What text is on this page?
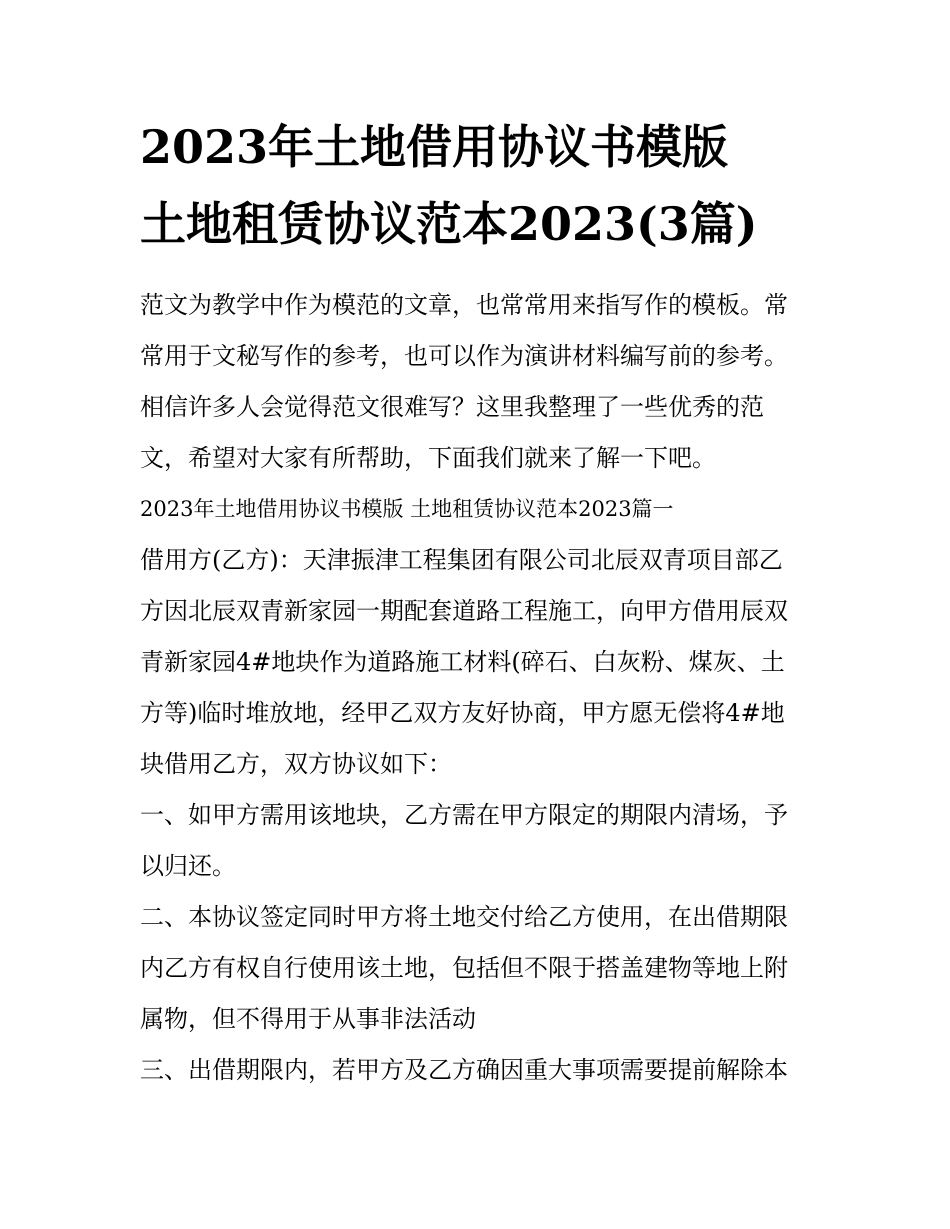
2023年土地借用协议书模版
土地租赁协议范本2023(3篇)
范文为教学中作为模范的文章，也常常用来指写作的模板。常
常用于文秘写作的参考，也可以作为演讲材料编写前的参考。
相信许多人会觉得范文很难写？这里我整理了一些优秀的范
文，希望对大家有所帮助，下面我们就来了解一下吧。
2023年土地借用协议书模版 土地租赁协议范本2023篇一
借用方(乙方)：天津振津工程集团有限公司北辰双青项目部乙
方因北辰双青新家园一期配套道路工程施工，向甲方借用辰双
青新家园4#地块作为道路施工材料(碎石、白灰粉、煤灰、土
方等)临时堆放地，经甲乙双方友好协商，甲方愿无偿将4#地
块借用乙方，双方协议如下：
一、如甲方需用该地块，乙方需在甲方限定的期限内清场，予
以归还。
二、本协议签定同时甲方将土地交付给乙方使用，在出借期限
内乙方有权自行使用该土地，包括但不限于搭盖建物等地上附
属物，但不得用于从事非法活动
三、出借期限内，若甲方及乙方确因重大事项需要提前解除本
